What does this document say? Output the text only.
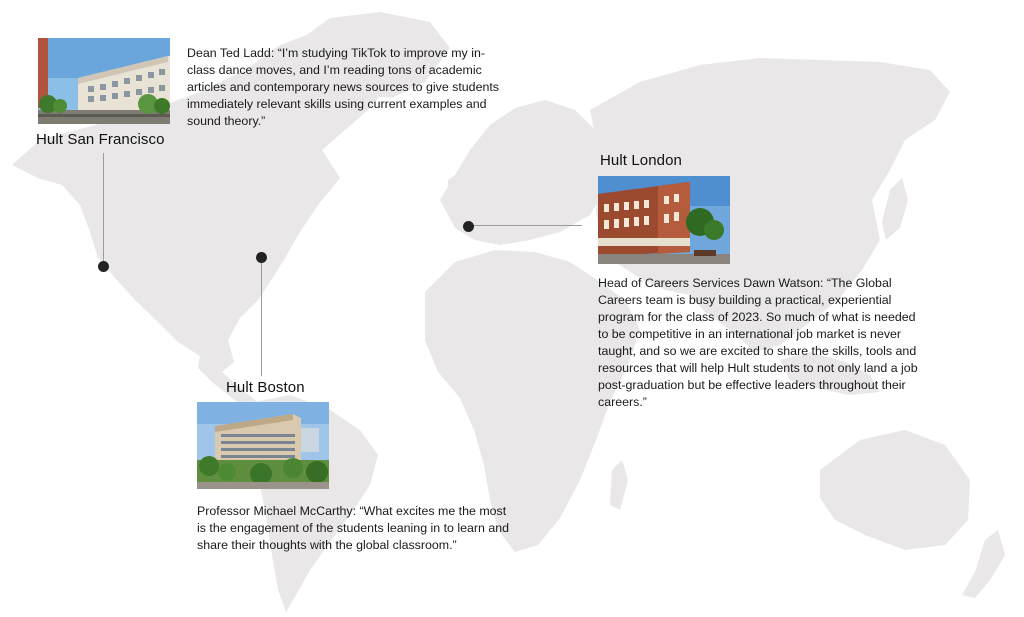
Hult San Francisco
Dean Ted Ladd: “I’m studying TikTok to improve my in-class dance moves, and I’m reading tons of academic articles and contemporary news sources to give students immediately relevant skills using current examples and sound theory.”
Hult London
Head of Careers Services Dawn Watson: “The Global Careers team is busy building a practical, experiential program for the class of 2023. So much of what is needed to be competitive in an international job market is never taught, and so we are excited to share the skills, tools and resources that will help Hult students to not only land a job post-graduation but be effective leaders throughout their careers.”
Hult Boston
Professor Michael McCarthy: “What excites me the most is the engagement of the students leaning in to learn and share their thoughts with the global classroom.”
